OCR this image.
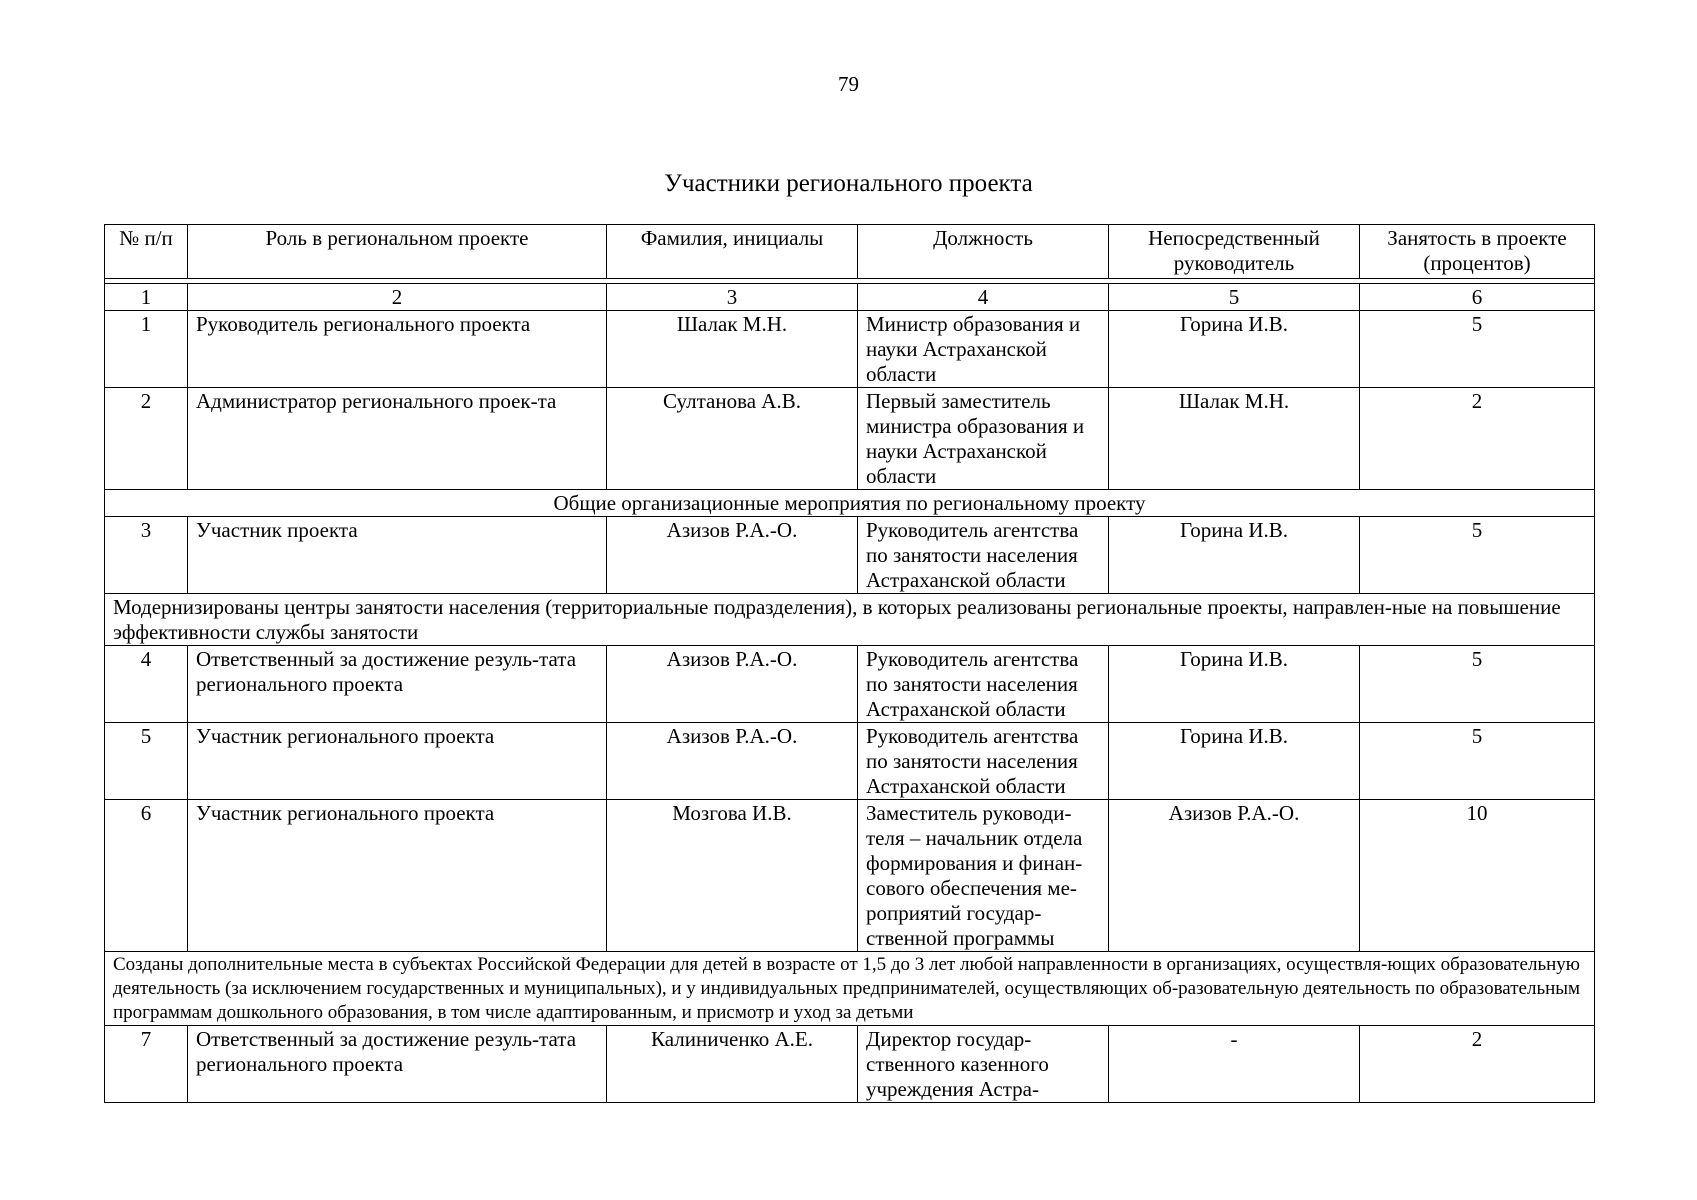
79
Участники регионального проекта
№ п/п	Роль в региональном проекте	Фамилия, инициалы	Должность	Непосредственный руководитель	Занятость в проекте (процентов)

1	2	3	4	5	6
1	Руководитель регионального проекта	Шалак М.Н.	Министр образования и науки Астраханской области	Горина И.В.	5
2	Администратор регионального проек-та	Султанова А.В.	Первый заместитель министра образования и науки Астраханской области	Шалак М.Н.	2
Общие организационные мероприятия по региональному проекту					
3	Участник проекта	Азизов Р.А.-О.	Руководитель агентства по занятости населения Астраханской области	Горина И.В.	5
Модернизированы центры занятости населения (территориальные подразделения), в которых реализованы региональные проекты, направлен-ные на повышение эффективности службы занятости					
4	Ответственный за достижение резуль-тата регионального проекта	Азизов Р.А.-О.	Руководитель агентства по занятости населения Астраханской области	Горина И.В.	5
5	Участник регионального проекта	Азизов Р.А.-О.	Руководитель агентства по занятости населения Астраханской области	Горина И.В.	5
6	Участник регионального проекта	Мозгова И.В.	Заместитель руководи-теля – начальник отдела формирования и финан-сового обеспечения ме-роприятий государ-ственной программы	Азизов Р.А.-О.	10
Созданы дополнительные места в субъектах Российской Федерации для детей в возрасте от 1,5 до 3 лет любой направленности в организациях, осуществля-ющих образовательную деятельность (за исключением государственных и муниципальных), и у индивидуальных предпринимателей, осуществляющих об-разовательную деятельность по образовательным программам дошкольного образования, в том числе адаптированным, и присмотр и уход за детьми					
7	Ответственный за достижение резуль-тата регионального проекта	Калиниченко А.Е.	Директор государ-ственного казенного учреждения Астра-	-	2
